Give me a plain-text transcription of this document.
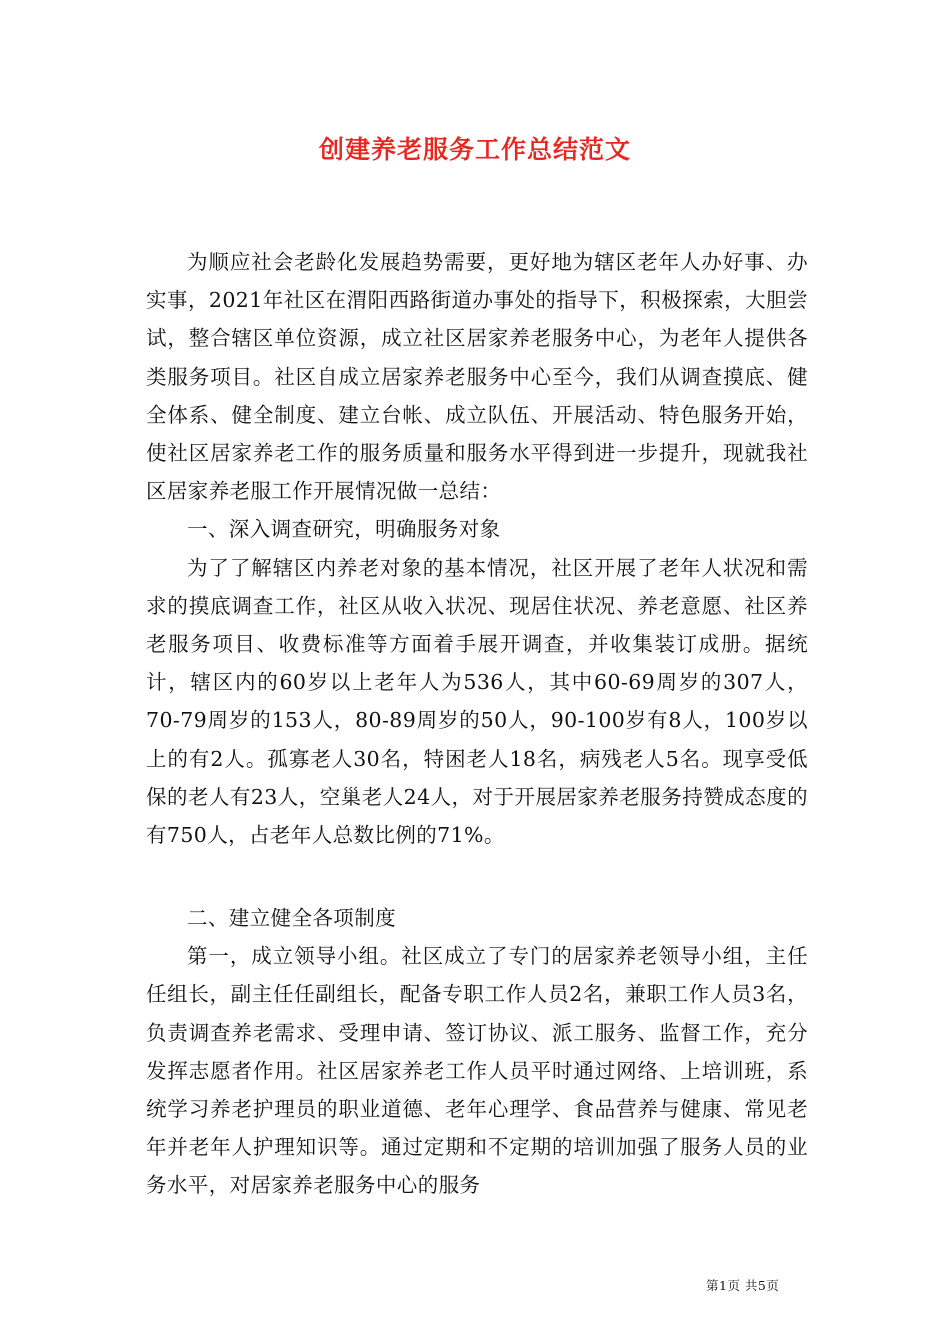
创建养老服务工作总结范文

为顺应社会老龄化发展趋势需要，更好地为辖区老年人办好事、办实事，2021年社区在渭阳西路街道办事处的指导下，积极探索，大胆尝试，整合辖区单位资源，成立社区居家养老服务中心，为老年人提供各类服务项目。社区自成立居家养老服务中心至今，我们从调查摸底、健全体系、健全制度、建立台帐、成立队伍、开展活动、特色服务开始，使社区居家养老工作的服务质量和服务水平得到进一步提升，现就我社区居家养老服工作开展情况做一总结：

一、深入调查研究，明确服务对象

为了了解辖区内养老对象的基本情况，社区开展了老年人状况和需求的摸底调查工作，社区从收入状况、现居住状况、养老意愿、社区养老服务项目、收费标准等方面着手展开调查，并收集装订成册。据统计，辖区内的60岁以上老年人为536人，其中60-69周岁的307人，70-79周岁的153人，80-89周岁的50人，90-100岁有8人，100岁以上的有2人。孤寡老人30名，特困老人18名，病残老人5名。现享受低保的老人有23人，空巢老人24人，对于开展居家养老服务持赞成态度的有750人，占老年人总数比例的71%。

二、建立健全各项制度

第一，成立领导小组。社区成立了专门的居家养老领导小组，主任任组长，副主任任副组长，配备专职工作人员2名，兼职工作人员3名，负责调查养老需求、受理申请、签订协议、派工服务、监督工作，充分发挥志愿者作用。社区居家养老工作人员平时通过网络、上培训班，系统学习养老护理员的职业道德、老年心理学、食品营养与健康、常见老年并老年人护理知识等。通过定期和不定期的培训加强了服务人员的业务水平，对居家养老服务中心的服务

第1页 共5页
